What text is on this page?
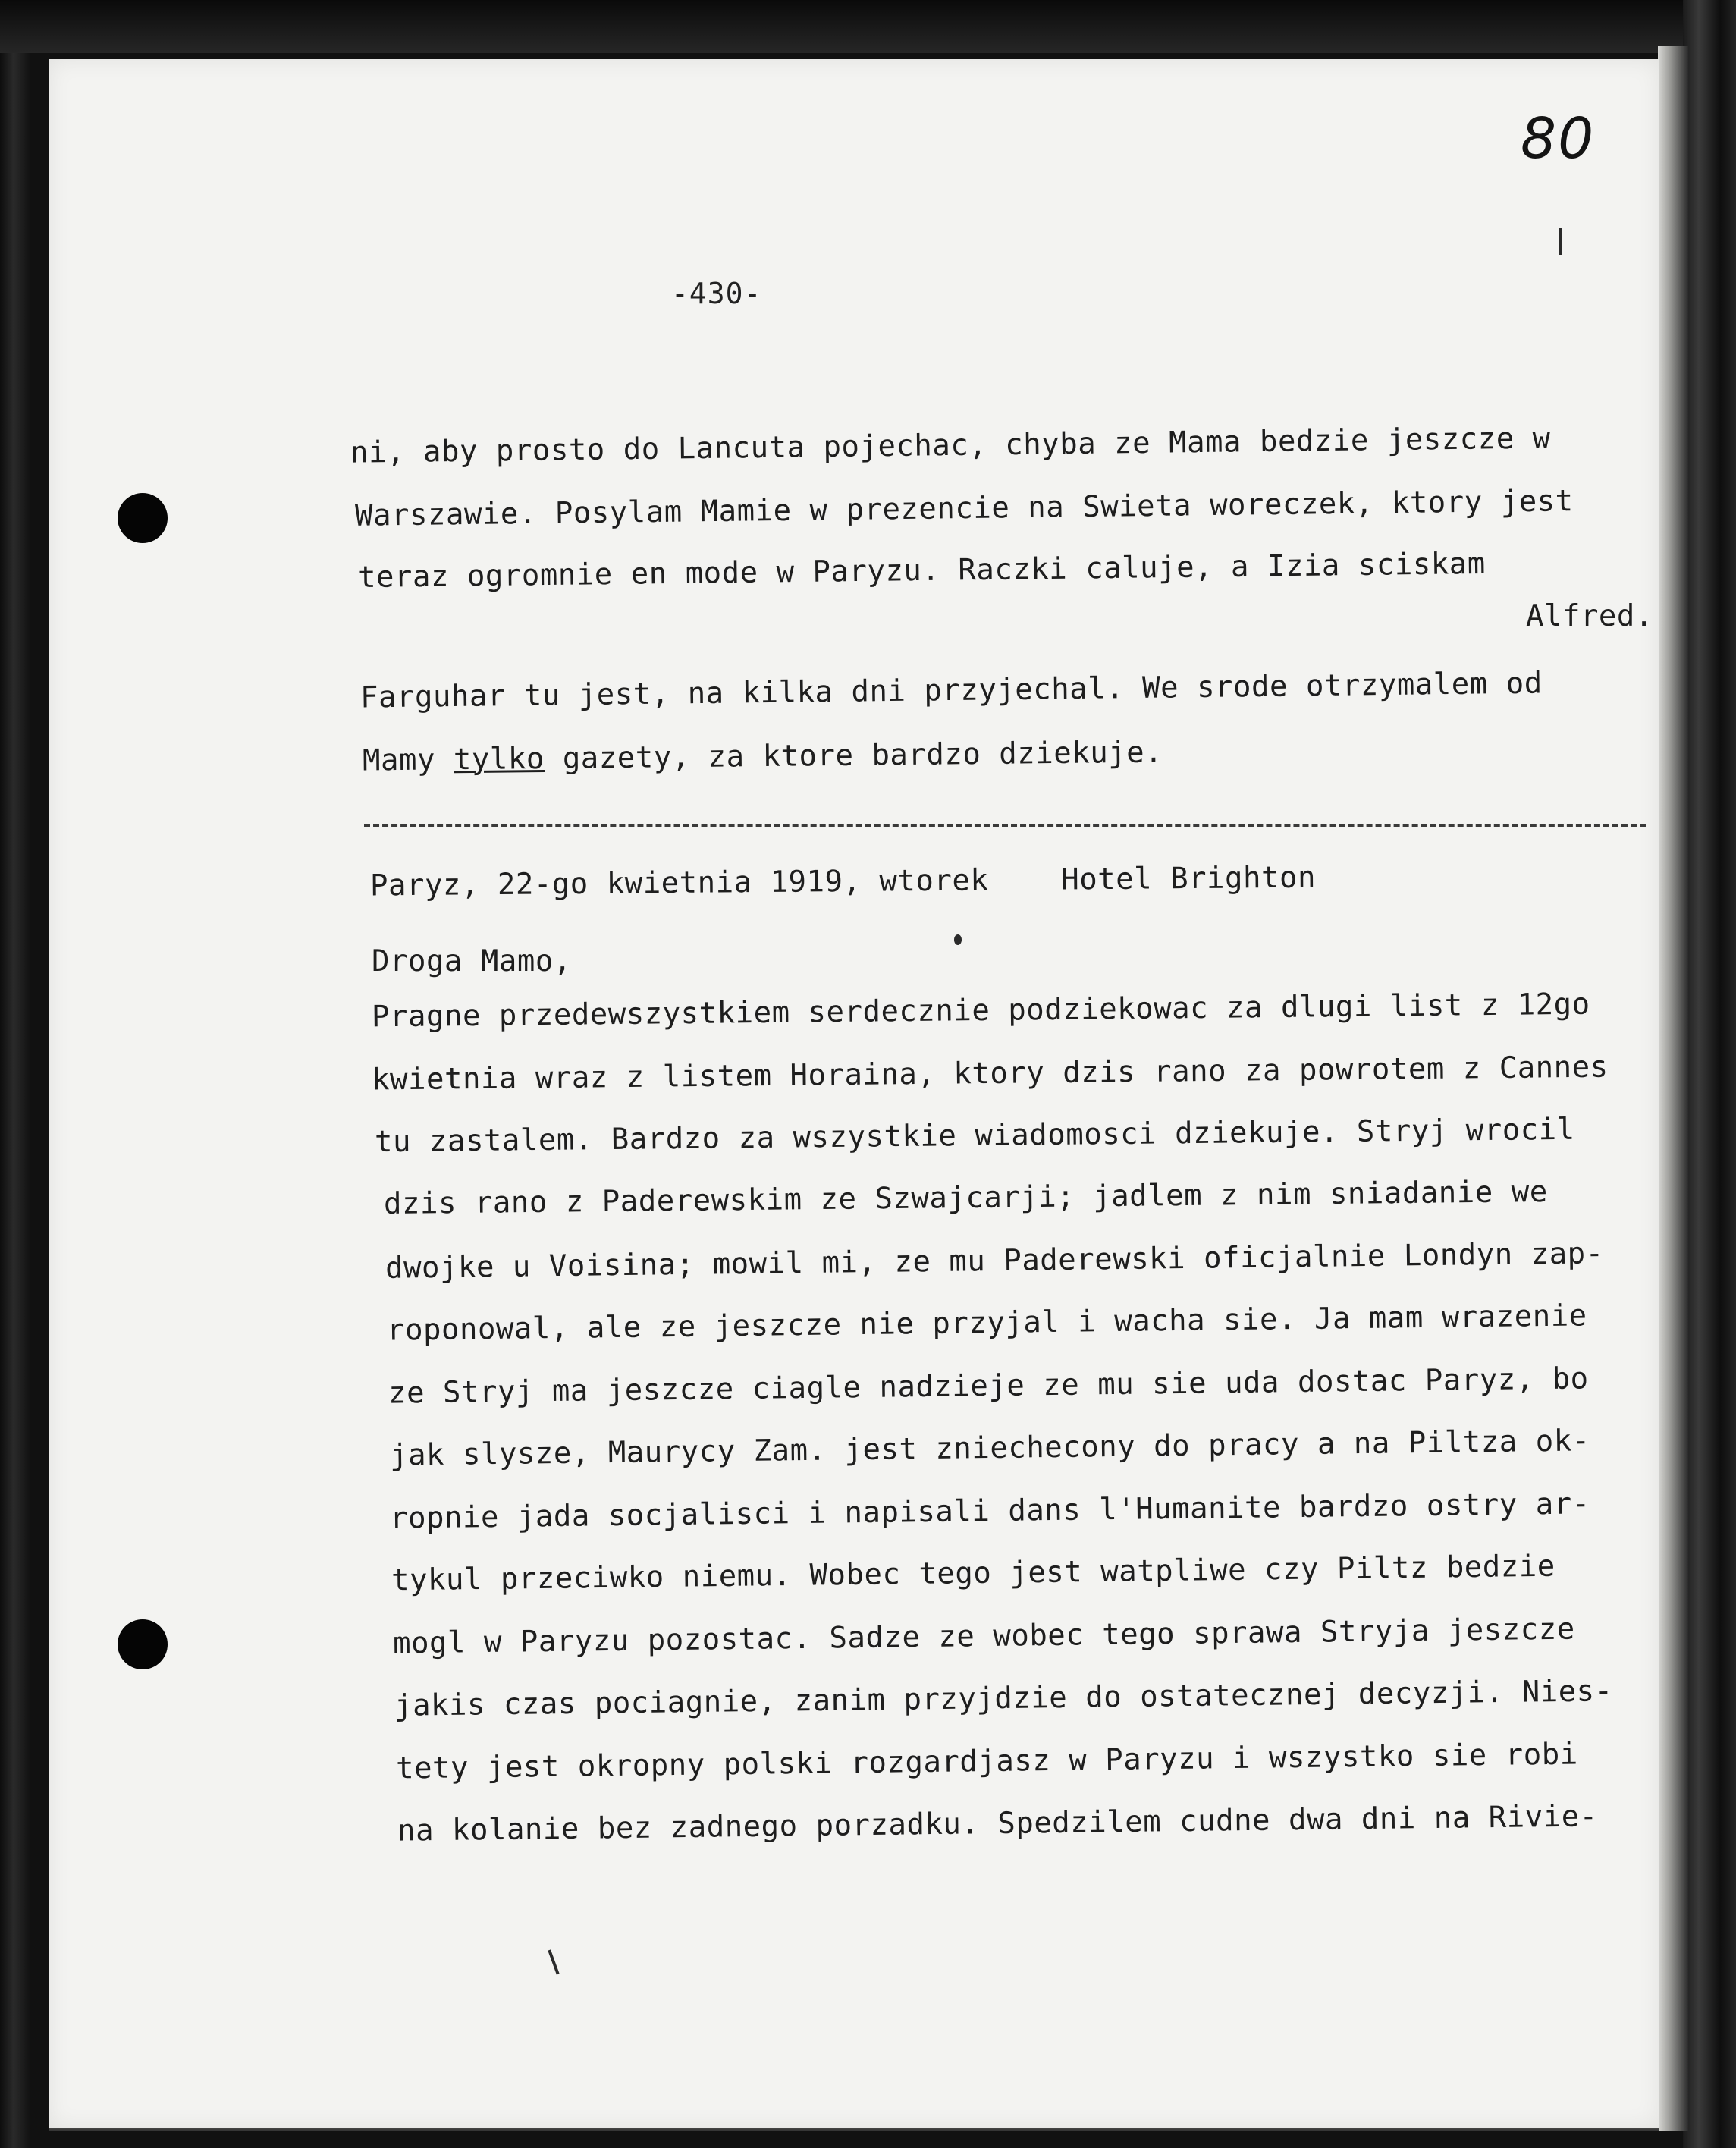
80
-430-
ni, aby prosto do Lancuta pojechac, chyba ze Mama bedzie jeszcze w
Warszawie. Posylam Mamie w prezencie na Swieta woreczek, ktory jest
teraz ogromnie en mode w Paryzu. Raczki caluje, a Izia sciskam
Alfred.
Farguhar tu jest, na kilka dni przyjechal. We srode otrzymalem od
Mamy tylko gazety, za ktore bardzo dziekuje.
Paryz, 22-go kwietnia 1919, wtorek    Hotel Brighton
Droga Mamo,
Pragne przedewszystkiem serdecznie podziekowac za dlugi list z 12go
kwietnia wraz z listem Horaina, ktory dzis rano za powrotem z Cannes
tu zastalem. Bardzo za wszystkie wiadomosci dziekuje. Stryj wrocil
dzis rano z Paderewskim ze Szwajcarji; jadlem z nim sniadanie we
dwojke u Voisina; mowil mi, ze mu Paderewski oficjalnie Londyn zap-
roponowal, ale ze jeszcze nie przyjal i wacha sie. Ja mam wrazenie
ze Stryj ma jeszcze ciagle nadzieje ze mu sie uda dostac Paryz, bo
jak slysze, Maurycy Zam. jest zniechecony do pracy a na Piltza ok-
ropnie jada socjalisci i napisali dans l'Humanite bardzo ostry ar-
tykul przeciwko niemu. Wobec tego jest watpliwe czy Piltz bedzie
mogl w Paryzu pozostac. Sadze ze wobec tego sprawa Stryja jeszcze
jakis czas pociagnie, zanim przyjdzie do ostatecznej decyzji. Nies-
tety jest okropny polski rozgardjasz w Paryzu i wszystko sie robi
na kolanie bez zadnego porzadku. Spedzilem cudne dwa dni na Rivie-
